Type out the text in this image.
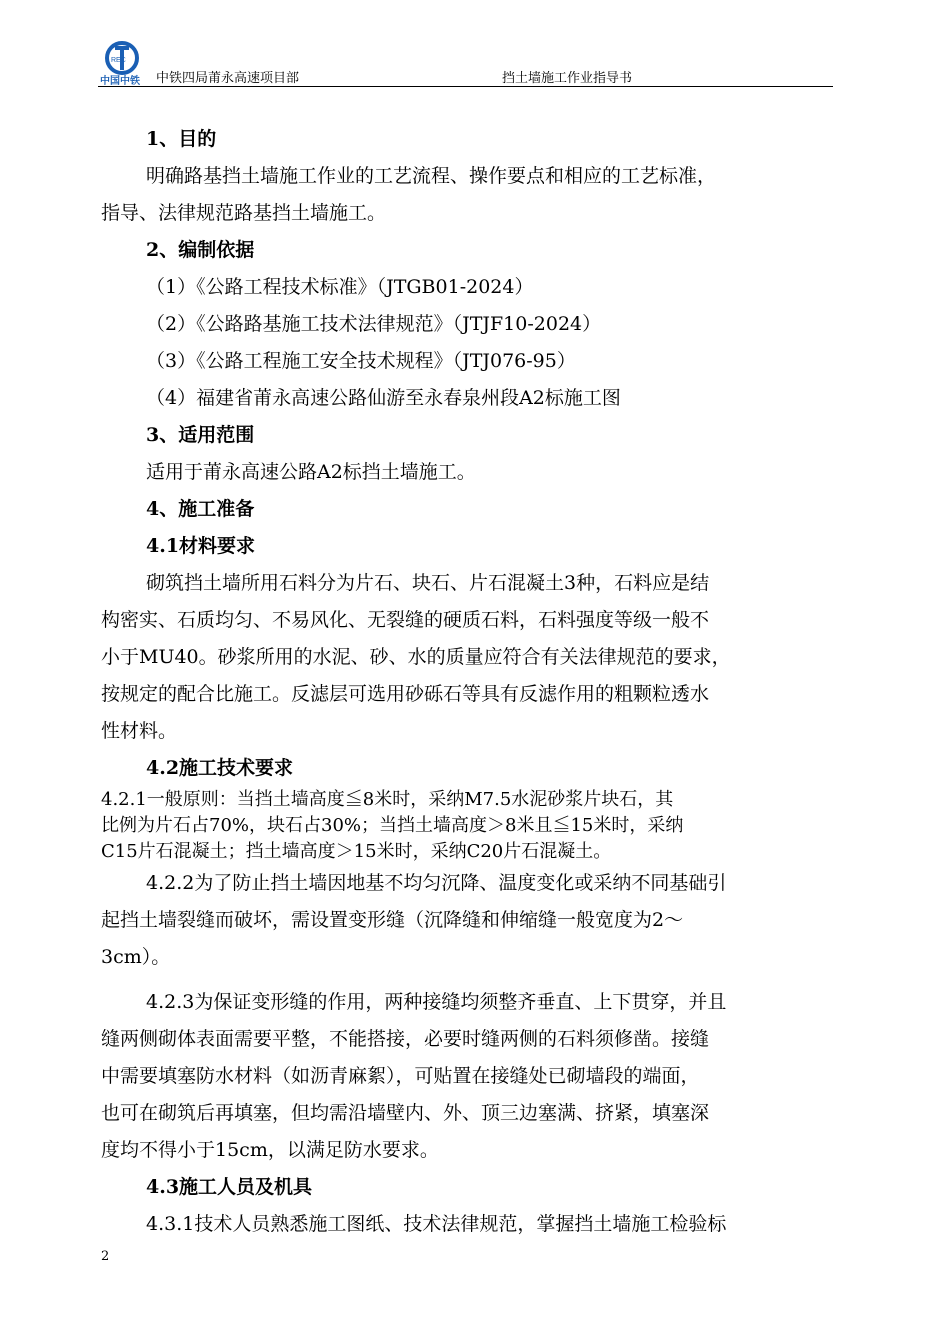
REC
中国中铁 中铁四局莆永高速项目部	挡土墙施工作业指导书
1、目的
明确路基挡土墙施工作业的工艺流程、操作要点和相应的工艺标准，
指导、法律规范路基挡土墙施工。
2、编制依据
（1）《公路工程技术标准》（JTGB01-2024）
（2）《公路路基施工技术法律规范》（JTJF10-2024）
（3）《公路工程施工安全技术规程》（JTJ076-95）
（4）福建省莆永高速公路仙游至永春泉州段A2标施工图
3、适用范围
适用于莆永高速公路A2标挡土墙施工。
4、施工准备
4.1材料要求
砌筑挡土墙所用石料分为片石、块石、片石混凝土3种，石料应是结
构密实、石质均匀、不易风化、无裂缝的硬质石料，石料强度等级一般不
小于MU40。砂浆所用的水泥、砂、水的质量应符合有关法律规范的要求，
按规定的配合比施工。反滤层可选用砂砾石等具有反滤作用的粗颗粒透水
性材料。
4.2施工技术要求
4.2.1一般原则：当挡土墙高度≦8米时，采纳M7.5水泥砂浆片块石，其
比例为片石占70%，块石占30%；当挡土墙高度＞8米且≦15米时，采纳
C15片石混凝土；挡土墙高度＞15米时，采纳C20片石混凝土。
4.2.2为了防止挡土墙因地基不均匀沉降、温度变化或采纳不同基础引
起挡土墙裂缝而破坏，需设置变形缝（沉降缝和伸缩缝一般宽度为2～
3cm）。
4.2.3为保证变形缝的作用，两种接缝均须整齐垂直、上下贯穿，并且
缝两侧砌体表面需要平整，不能搭接，必要时缝两侧的石料须修凿。接缝
中需要填塞防水材料（如沥青麻絮），可贴置在接缝处已砌墙段的端面，
也可在砌筑后再填塞，但均需沿墙壁内、外、顶三边塞满、挤紧，填塞深
度均不得小于15cm，以满足防水要求。
4.3施工人员及机具
4.3.1技术人员熟悉施工图纸、技术法律规范，掌握挡土墙施工检验标
2
